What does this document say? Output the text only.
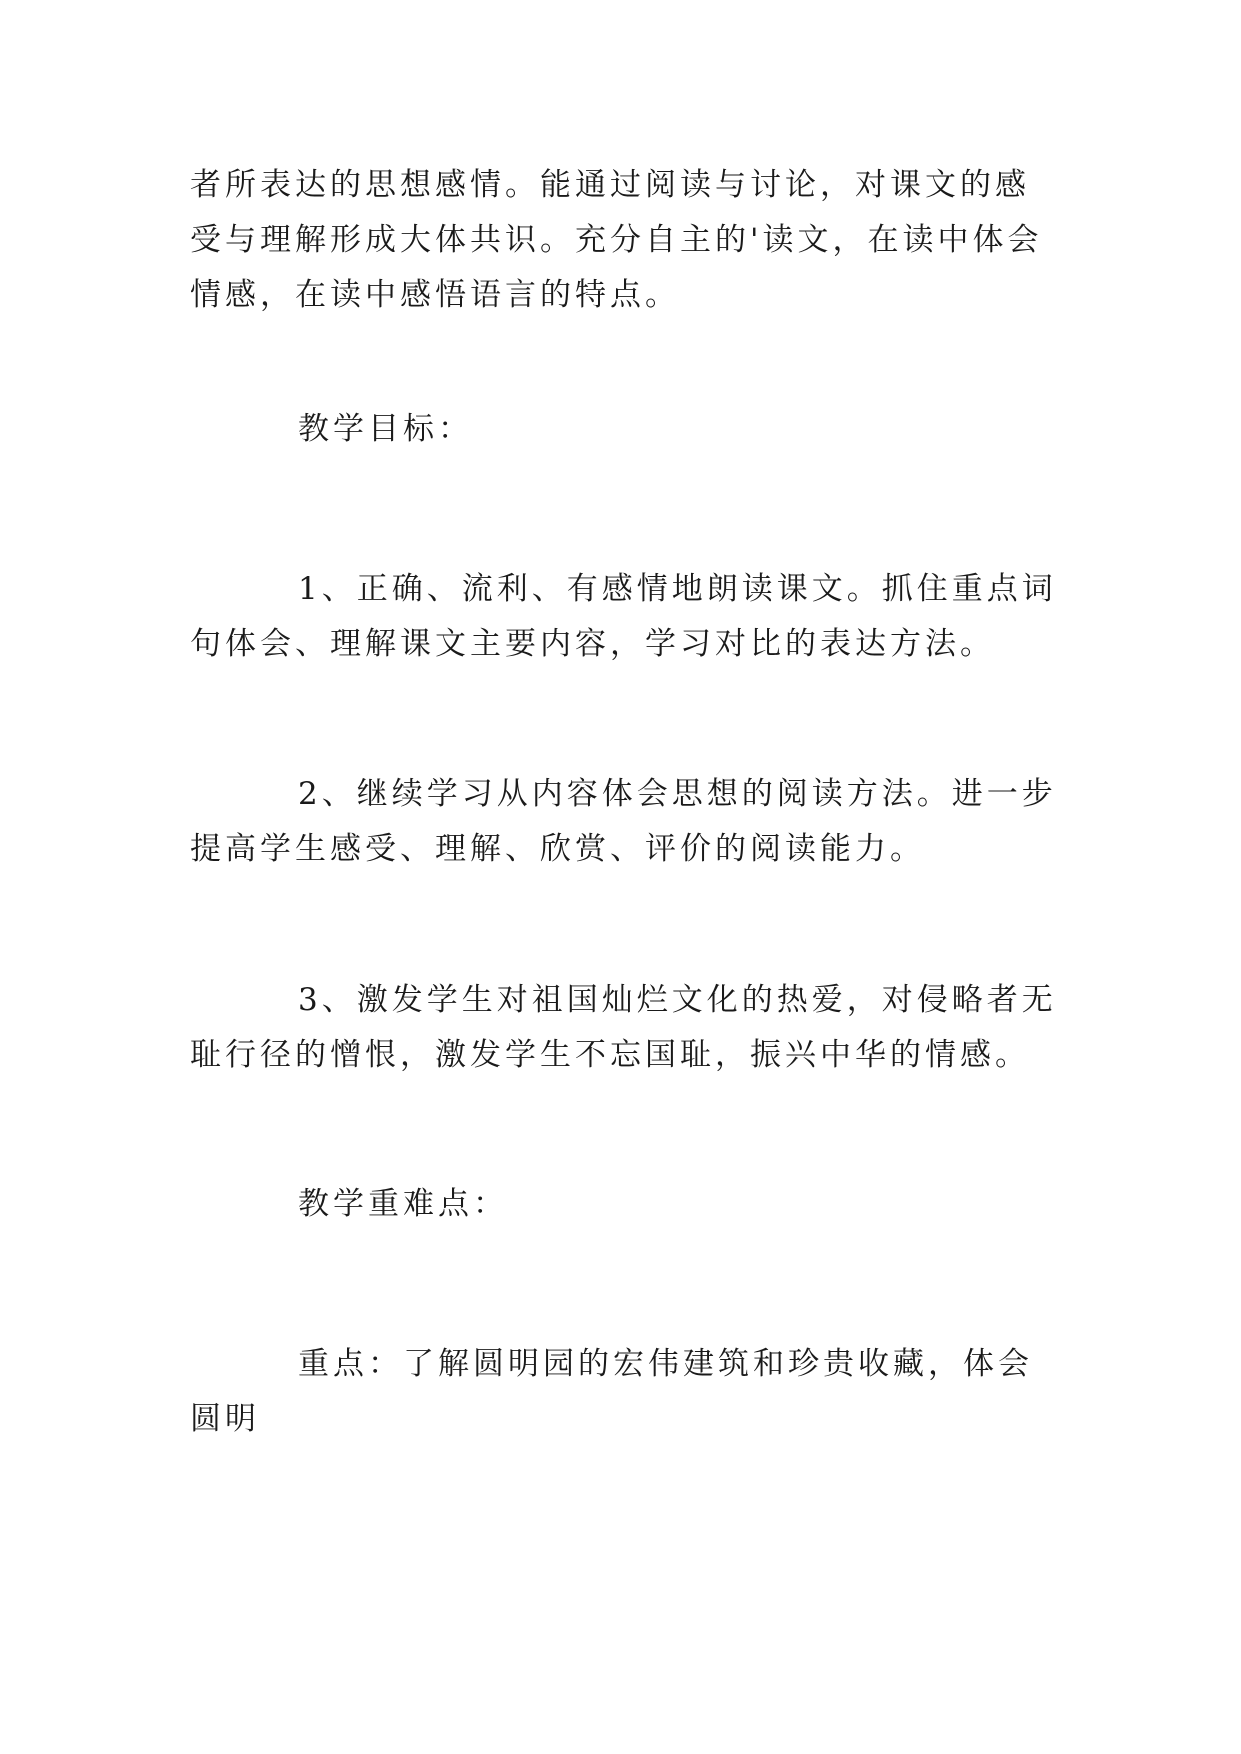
者所表达的思想感情。能通过阅读与讨论，对课文的感受与理解形成大体共识。充分自主的'读文，在读中体会情感，在读中感悟语言的特点。

教学目标：

1、正确、流利、有感情地朗读课文。抓住重点词句体会、理解课文主要内容，学习对比的表达方法。

2、继续学习从内容体会思想的阅读方法。进一步提高学生感受、理解、欣赏、评价的阅读能力。

3、激发学生对祖国灿烂文化的热爱，对侵略者无耻行径的憎恨，激发学生不忘国耻，振兴中华的情感。

教学重难点：

重点：了解圆明园的宏伟建筑和珍贵收藏，体会圆明
